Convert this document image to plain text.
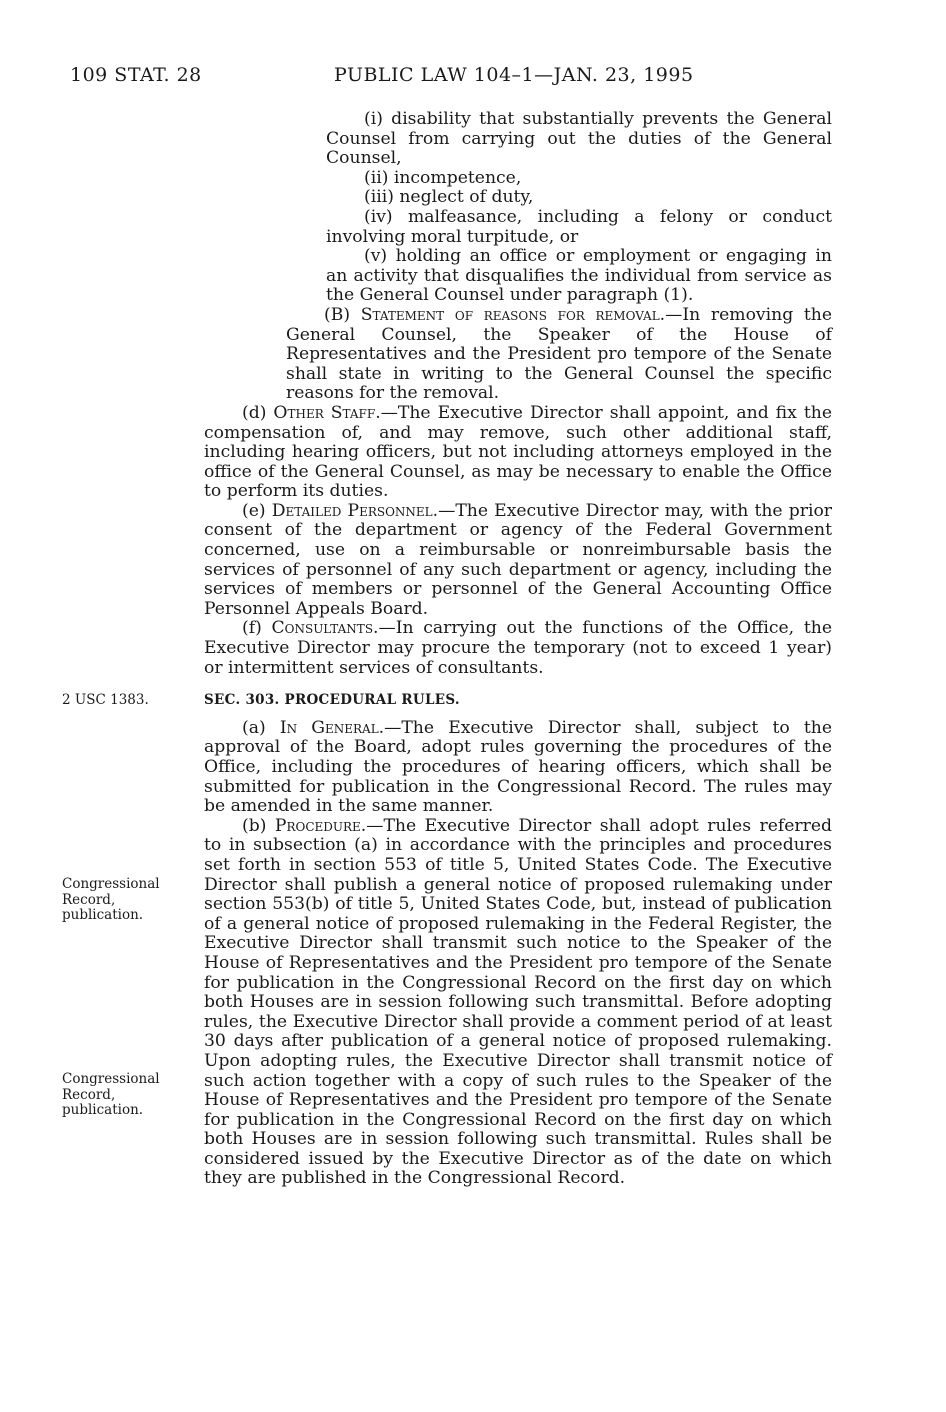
109 STAT. 28	PUBLIC LAW 104–1—JAN. 23, 1995
2 USC 1383.
Congressional
Record,
publication.
Congressional
Record,
publication.

(i) disability that substantially prevents the General Counsel from carrying out the duties of the General Counsel,

(ii) incompetence,

(iii) neglect of duty,

(iv) malfeasance, including a felony or conduct involving moral turpitude, or

(v) holding an office or employment or engaging in an activity that disqualifies the individual from service as the General Counsel under paragraph (1).

(B) Statement of reasons for removal.—In removing the General Counsel, the Speaker of the House of Representatives and the President pro tempore of the Senate shall state in writing to the General Counsel the specific reasons for the removal.

(d) Other Staff.—The Executive Director shall appoint, and fix the compensation of, and may remove, such other additional staff, including hearing officers, but not including attorneys employed in the office of the General Counsel, as may be necessary to enable the Office to perform its duties.

(e) Detailed Personnel.—The Executive Director may, with the prior consent of the department or agency of the Federal Government concerned, use on a reimbursable or nonreimbursable basis the services of personnel of any such department or agency, including the services of members or personnel of the General Accounting Office Personnel Appeals Board.

(f) Consultants.—In carrying out the functions of the Office, the Executive Director may procure the temporary (not to exceed 1 year) or intermittent services of consultants.

SEC. 303. PROCEDURAL RULES.

(a) In General.—The Executive Director shall, subject to the approval of the Board, adopt rules governing the procedures of the Office, including the procedures of hearing officers, which shall be submitted for publication in the Congressional Record. The rules may be amended in the same manner.

(b) Procedure.—The Executive Director shall adopt rules referred to in subsection (a) in accordance with the principles and procedures set forth in section 553 of title 5, United States Code. The Executive Director shall publish a general notice of proposed rulemaking under section 553(b) of title 5, United States Code, but, instead of publication of a general notice of proposed rulemaking in the Federal Register, the Executive Director shall transmit such notice to the Speaker of the House of Representatives and the President pro tempore of the Senate for publication in the Congressional Record on the first day on which both Houses are in session following such transmittal. Before adopting rules, the Executive Director shall provide a comment period of at least 30 days after publication of a general notice of proposed rulemaking. Upon adopting rules, the Executive Director shall transmit notice of such action together with a copy of such rules to the Speaker of the House of Representatives and the President pro tempore of the Senate for publication in the Congressional Record on the first day on which both Houses are in session following such transmittal. Rules shall be considered issued by the Executive Director as of the date on which they are published in the Congressional Record.
